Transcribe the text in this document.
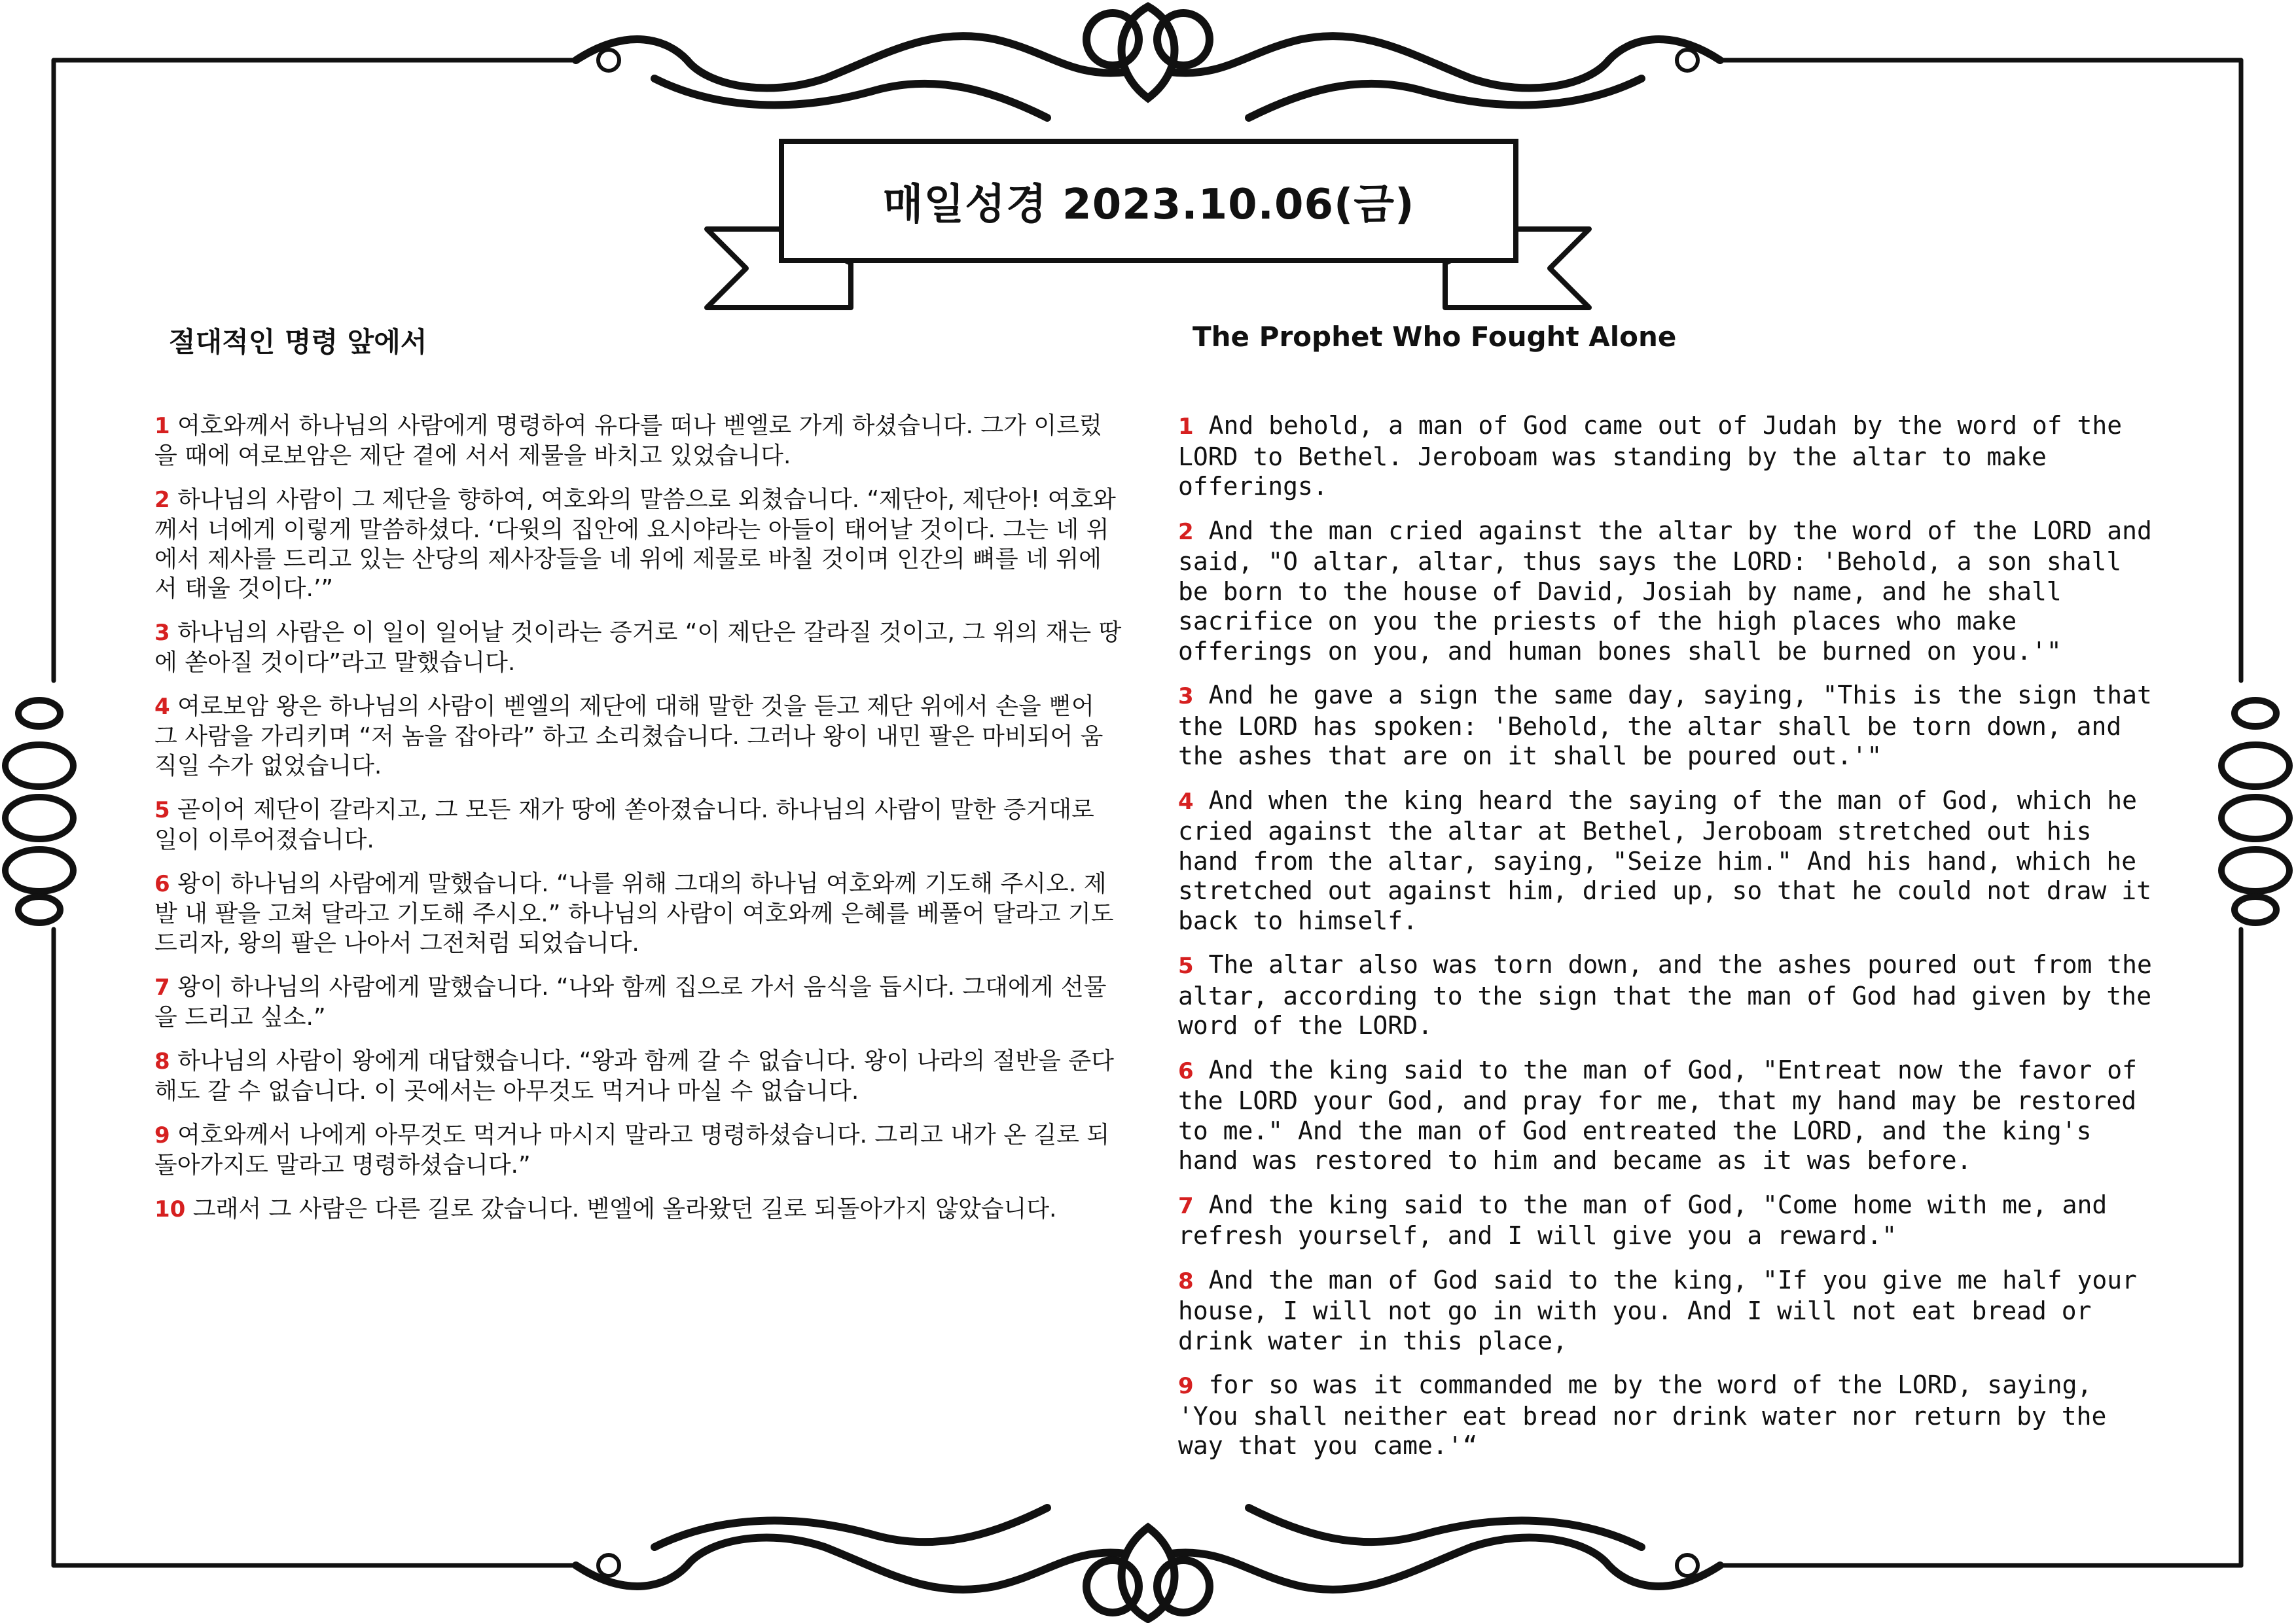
매일성경 2023.10.06(금)
절대적인 명령 앞에서	The Prophet Who Fought Alone

1 여호와께서 하나님의 사람에게 명령하여 유다를 떠나 벧엘로 가게 하셨습니다. 그가 이르렀을 때에 여로보암은 제단 곁에 서서 제물을 바치고 있었습니다.

2 하나님의 사람이 그 제단을 향하여, 여호와의 말씀으로 외쳤습니다. “제단아, 제단아! 여호와께서 너에게 이렇게 말씀하셨다. ‘다윗의 집안에 요시야라는 아들이 태어날 것이다. 그는 네 위에서 제사를 드리고 있는 산당의 제사장들을 네 위에 제물로 바칠 것이며 인간의 뼈를 네 위에서 태울 것이다.’”

3 하나님의 사람은 이 일이 일어날 것이라는 증거로 “이 제단은 갈라질 것이고, 그 위의 재는 땅에 쏟아질 것이다”라고 말했습니다.

4 여로보암 왕은 하나님의 사람이 벧엘의 제단에 대해 말한 것을 듣고 제단 위에서 손을 뻗어 그 사람을 가리키며 “저 놈을 잡아라” 하고 소리쳤습니다. 그러나 왕이 내민 팔은 마비되어 움직일 수가 없었습니다.

5 곧이어 제단이 갈라지고, 그 모든 재가 땅에 쏟아졌습니다. 하나님의 사람이 말한 증거대로 일이 이루어졌습니다.

6 왕이 하나님의 사람에게 말했습니다. “나를 위해 그대의 하나님 여호와께 기도해 주시오. 제발 내 팔을 고쳐 달라고 기도해 주시오.” 하나님의 사람이 여호와께 은혜를 베풀어 달라고 기도드리자, 왕의 팔은 나아서 그전처럼 되었습니다.

7 왕이 하나님의 사람에게 말했습니다. “나와 함께 집으로 가서 음식을 듭시다. 그대에게 선물을 드리고 싶소.”

8 하나님의 사람이 왕에게 대답했습니다. “왕과 함께 갈 수 없습니다. 왕이 나라의 절반을 준다 해도 갈 수 없습니다. 이 곳에서는 아무것도 먹거나 마실 수 없습니다.

9 여호와께서 나에게 아무것도 먹거나 마시지 말라고 명령하셨습니다. 그리고 내가 온 길로 되돌아가지도 말라고 명령하셨습니다.”

10 그래서 그 사람은 다른 길로 갔습니다. 벧엘에 올라왔던 길로 되돌아가지 않았습니다.

1 And behold, a man of God came out of Judah by the word of the LORD to Bethel. Jeroboam was standing by the altar to make offerings.

2 And the man cried against the altar by the word of the LORD and said, "O altar, altar, thus says the LORD: 'Behold, a son shall be born to the house of David, Josiah by name, and he shall sacrifice on you the priests of the high places who make offerings on you, and human bones shall be burned on you.'"

3 And he gave a sign the same day, saying, "This is the sign that the LORD has spoken: 'Behold, the altar shall be torn down, and the ashes that are on it shall be poured out.'"

4 And when the king heard the saying of the man of God, which he cried against the altar at Bethel, Jeroboam stretched out his hand from the altar, saying, "Seize him." And his hand, which he stretched out against him, dried up, so that he could not draw it back to himself.

5 The altar also was torn down, and the ashes poured out from the altar, according to the sign that the man of God had given by the word of the LORD.

6 And the king said to the man of God, "Entreat now the favor of the LORD your God, and pray for me, that my hand may be restored to me." And the man of God entreated the LORD, and the king's hand was restored to him and became as it was before.

7 And the king said to the man of God, "Come home with me, and refresh yourself, and I will give you a reward."

8 And the man of God said to the king, "If you give me half your house, I will not go in with you. And I will not eat bread or drink water in this place,

9 for so was it commanded me by the word of the LORD, saying, 'You shall neither eat bread nor drink water nor return by the way that you came.'“
